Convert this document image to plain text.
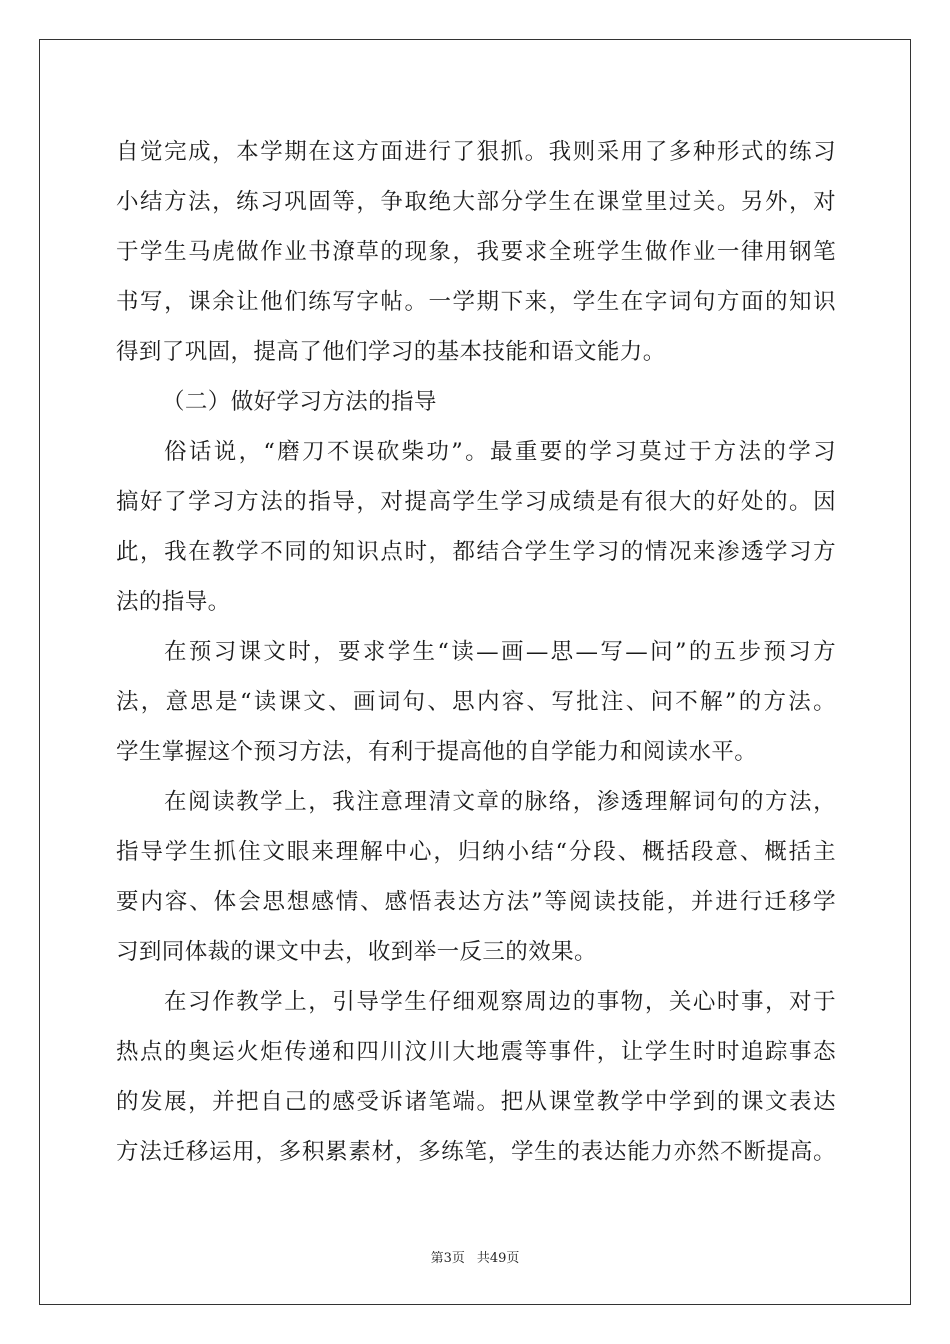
自觉完成，本学期在这方面进行了狠抓。我则采用了多种形式的练习
小结方法，练习巩固等，争取绝大部分学生在课堂里过关。另外，对
于学生马虎做作业书潦草的现象，我要求全班学生做作业一律用钢笔
书写，课余让他们练写字帖。一学期下来，学生在字词句方面的知识
得到了巩固，提高了他们学习的基本技能和语文能力。
（二）做好学习方法的指导
俗话说，“磨刀不误砍柴功”。最重要的学习莫过于方法的学习
搞好了学习方法的指导，对提高学生学习成绩是有很大的好处的。因
此，我在教学不同的知识点时，都结合学生学习的情况来渗透学习方
法的指导。
在预习课文时，要求学生“读—画—思—写—问”的五步预习方
法，意思是“读课文、画词句、思内容、写批注、问不解”的方法。
学生掌握这个预习方法，有利于提高他的自学能力和阅读水平。
在阅读教学上，我注意理清文章的脉络，渗透理解词句的方法，
指导学生抓住文眼来理解中心，归纳小结“分段、概括段意、概括主
要内容、体会思想感情、感悟表达方法”等阅读技能，并进行迁移学
习到同体裁的课文中去，收到举一反三的效果。
在习作教学上，引导学生仔细观察周边的事物，关心时事，对于
热点的奥运火炬传递和四川汶川大地震等事件，让学生时时追踪事态
的发展，并把自己的感受诉诸笔端。把从课堂教学中学到的课文表达
方法迁移运用，多积累素材，多练笔，学生的表达能力亦然不断提高。
第3页 共49页
